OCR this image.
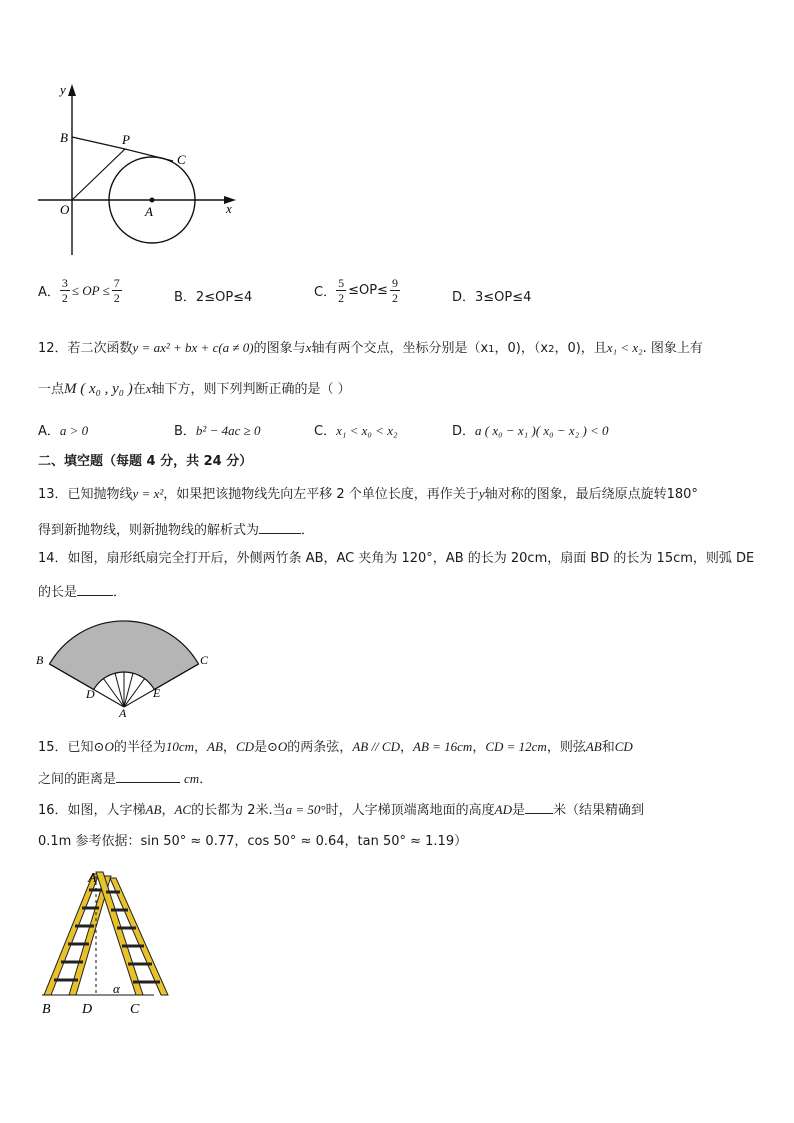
y
x
B	P
C
O	A
A． $\frac{3}{2}$ ≤ OP ≤ $\frac{7}{2}$	B．2≤OP≤4	C． $\frac{5}{2} \le OP\le \frac{9}{2}$	D．3≤OP≤4
12．若二次函数y = ax² + bx + c(a ≠ 0)的图象与x轴有两个交点，坐标分别是（x1，0)，（x2，0)，且x₁ < x₂. 图象上有
一点M ( x₀ , y₀ )在x轴下方，则下列判断正确的是（ ）
A．a > 0	B．b² − 4ac ≥ 0	C．x₁ < x₀ < x₂	D．a ( x₀ − x₁ )( x₀ − x₂ ) < 0
二、填空题（每题 4 分，共 24 分）
13．已知抛物线y = x²，如果把该抛物线先向左平移 2 个单位长度，再作关于y轴对称的图象，最后绕原点旋转180°
得到新抛物线，则新抛物线的解析式为	．
14．如图，扇形纸扇完全打开后，外侧两竹条 AB，AC 夹角为 120°，AB 的长为 20cm，扇面 BD 的长为 15cm，则弧 DE
的长是	．
B	C
D	E
A
15．已知⊙O的半径为10cm，AB，CD是⊙O的两条弦，AB // CD，AB = 16cm，CD = 12cm，则弦AB和CD
之间的距离是	cm．
16．如图，人字梯AB，AC的长都为 2米.当a = 50°时，人字梯顶端离地面的高度AD是 米（结果精确到
0.1m 参考依据：sin 50° ≈ 0.77，cos 50° ≈ 0.64，tan 50° ≈ 1.19）
A
B D	C
α
